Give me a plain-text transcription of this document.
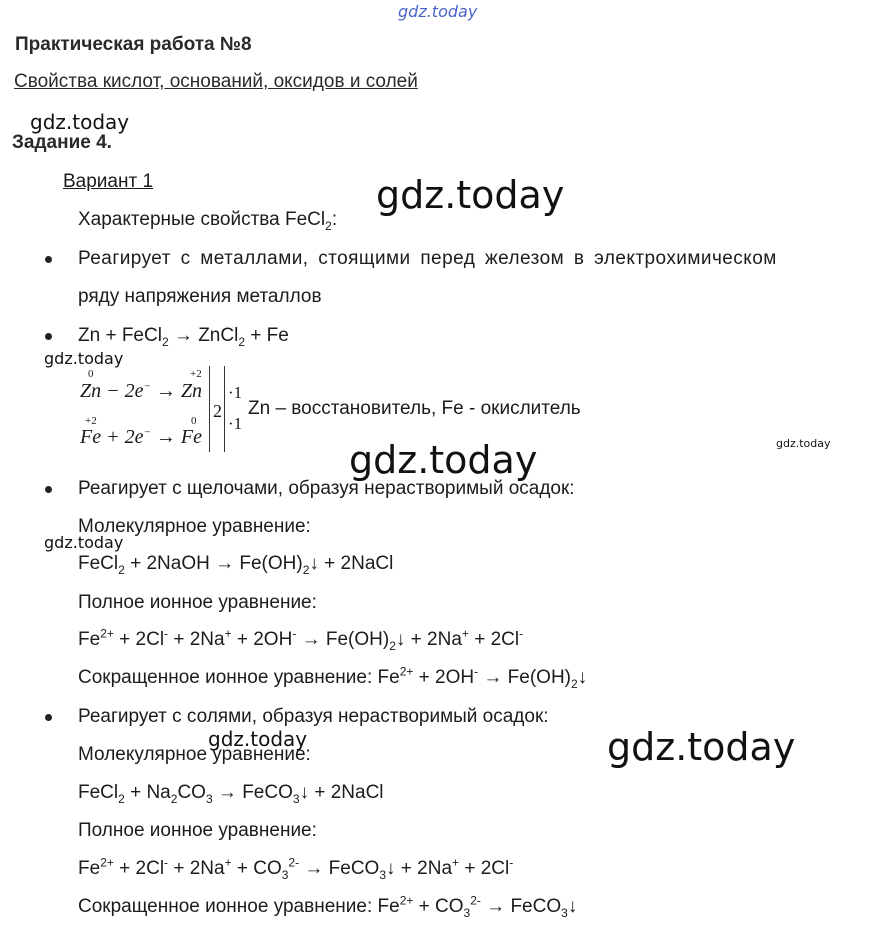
gdz.today
gdz.today
gdz.today
gdz.today
gdz.today
gdz.today
gdz.today
gdz.today	gdz.today
Практическая работа №8
Свойства кислот, оснований, оксидов и солей
Задание 4.
Вариант 1
Характерные свойства FeCl$_2$:
Реагирует с металлами, стоящими перед железом в электрохимическом
ряду напряжения металлов
Zn + FeCl$_2$ → ZnCl$_2$ + Fe
0	+2
Zn − 2e− → Zn
+2	0
Fe + 2e− → Fe
2
·1
·1
Zn – восстановитель, Fe - окислитель
Реагирует с щелочами, образуя нерастворимый осадок:
Молекулярное уравнение:
FeCl$_2$ + 2NaOH → $Fe(OH)_2↓$ + 2NaCl
Полное ионное уравнение:
$Fe^{2+} + 2Cl^- + 2Na^+ + 2OH^-$ → $Fe(OH)_2↓ + 2Na^+ + 2Cl^-$
Сокращенное ионное уравнение: $Fe^{2+} + 2OH^-$ → $Fe(OH)_2↓$
Реагирует с солями, образуя нерастворимый осадок:
Молекулярное уравнение:
FeCl$_2$ + $Na_2CO_3$ → FeCO$_3$↓ + 2NaCl
Полное ионное уравнение:
$Fe^{2+} + 2Cl^- + 2Na^+ + CO_3^{2-}$ → FeCO$_3$↓ + 2Na+ + 2Cl-
Сокращенное ионное уравнение: $Fe^{2+} + CO_3^{2-}$ → FeCO$_3$↓
